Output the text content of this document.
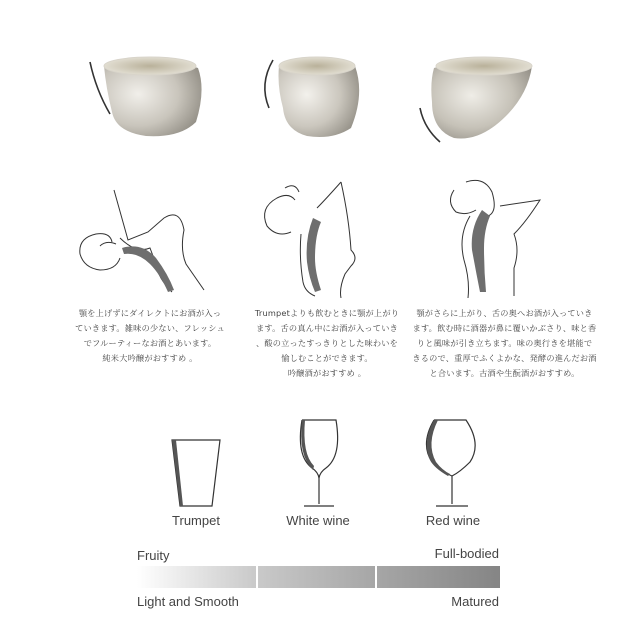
顎を上げずにダイレクトにお酒が入っ
ていきます。雑味の少ない、フレッシュ
でフルーティーなお酒とあいます。
純米大吟醸がおすすめ 。
Trumpetよりも飲むときに顎が上がり
ます。舌の真ん中にお酒が入っていき
、酸の立ったすっきりとした味わいを
愉しむことができます。
吟醸酒がおすすめ 。
顎がさらに上がり、舌の奥へお酒が入っていき
ます。飲む時に酒器が鼻に覆いかぶさり、味と香
りと風味が引き立ちます。味の奥行きを堪能で
きるので、重厚でふくよかな、発酵の進んだお酒
と合います。古酒や生酛酒がおすすめ。
Trumpet	White wine	Red wine
Fruity	Full-bodied
Light and Smooth	Matured
